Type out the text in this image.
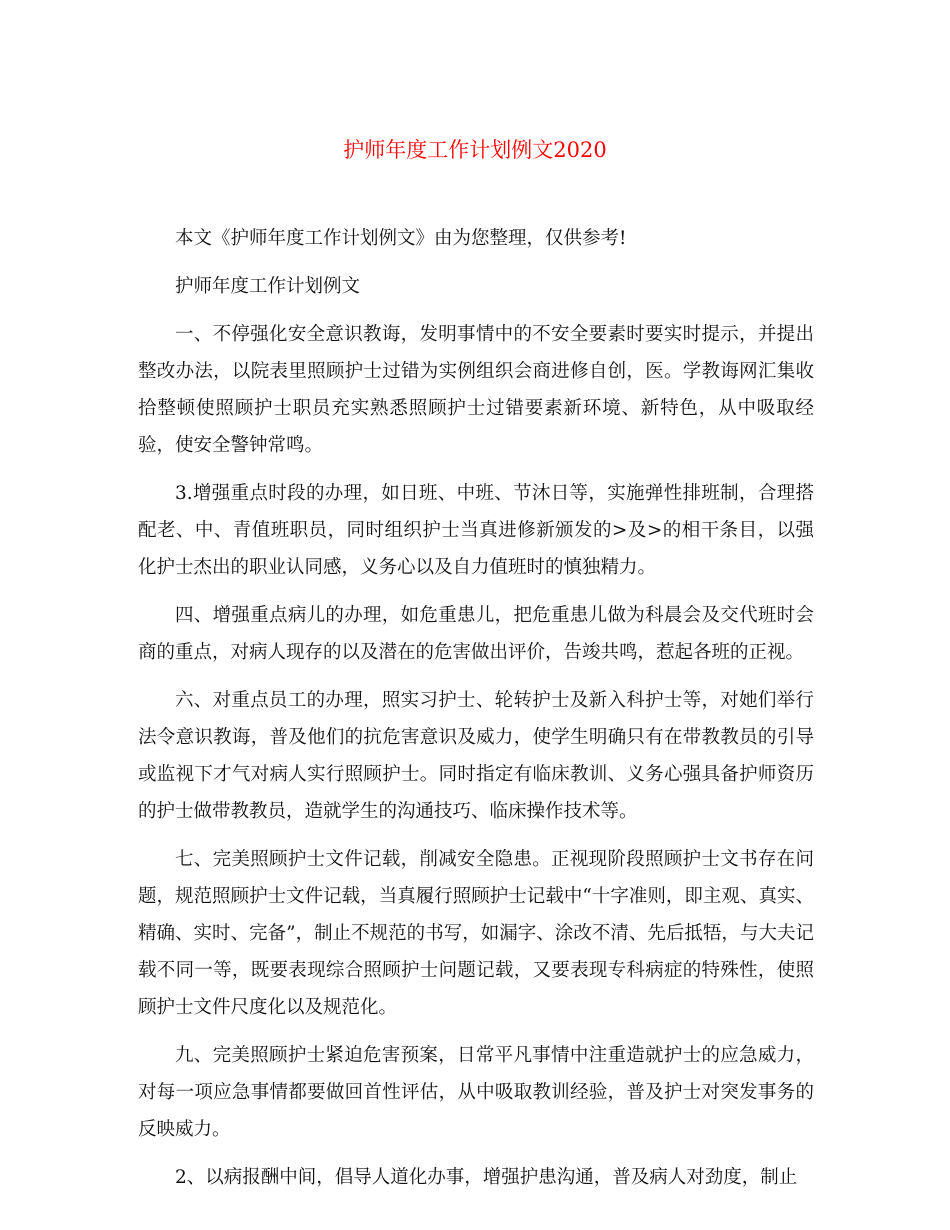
护师年度工作计划例文2020

本文《护师年度工作计划例文》由为您整理，仅供参考!

护师年度工作计划例文

一、不停强化安全意识教诲，发明事情中的不安全要素时要实时提示，并提出整改办法，以院表里照顾护士过错为实例组织会商进修自创，医。学教诲网汇集收拾整顿使照顾护士职员充实熟悉照顾护士过错要素新环境、新特色，从中吸取经验，使安全警钟常鸣。

3.增强重点时段的办理，如日班、中班、节沐日等，实施弹性排班制，合理搭配老、中、青值班职员，同时组织护士当真进修新颁发的>及>的相干条目，以强化护士杰出的职业认同感，义务心以及自力值班时的慎独精力。

四、增强重点病儿的办理，如危重患儿，把危重患儿做为科晨会及交代班时会商的重点，对病人现存的以及潜在的危害做出评价，告竣共鸣，惹起各班的正视。

六、对重点员工的办理，照实习护士、轮转护士及新入科护士等，对她们举行法令意识教诲，普及他们的抗危害意识及威力，使学生明确只有在带教教员的引导或监视下才气对病人实行照顾护士。同时指定有临床教训、义务心强具备护师资历的护士做带教教员，造就学生的沟通技巧、临床操作技术等。

七、完美照顾护士文件记载，削减安全隐患。正视现阶段照顾护士文书存在问题，规范照顾护士文件记载，当真履行照顾护士记载中“十字准则，即主观、真实、精确、实时、完备”，制止不规范的书写，如漏字、涂改不清、先后抵牾，与大夫记载不同一等，既要表现综合照顾护士问题记载，又要表现专科病症的特殊性，使照顾护士文件尺度化以及规范化。

九、完美照顾护士紧迫危害预案，日常平凡事情中注重造就护士的应急威力，对每一项应急事情都要做回首性评估，从中吸取教训经验，普及护士对突发事务的反映威力。

2、以病报酬中间，倡导人道化办事，增强护患沟通，普及病人对劲度，制止
